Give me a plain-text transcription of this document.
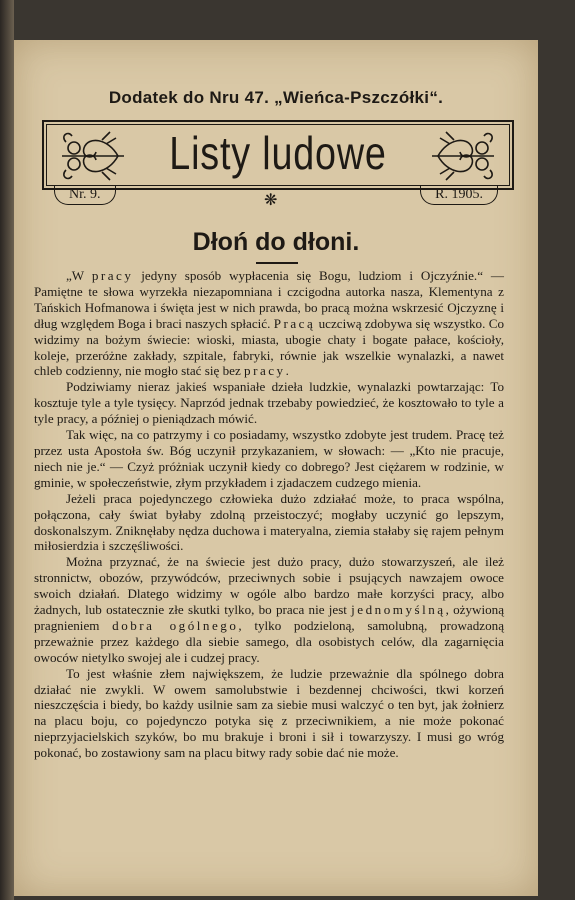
Dodatek do Nru 47. „Wieńca-Pszczółki“.
Listy ludowe
Nr. 9.	❋	R. 1905.
Dłoń do dłoni.

„W pracy jedyny sposób wypłacenia się Bogu, ludziom i Ojczyźnie.“ — Pamiętne te słowa wyrzekła niezapomniana i czcigodna autorka nasza, Klementyna z Tańskich Hofmanowa i święta jest w nich prawda, bo pracą można wskrzesić Ojczyznę i dług względem Boga i braci naszych spłacić. Pracą uczciwą zdobywa się wszystko. Co widzimy na bożym świecie: wioski, miasta, ubogie chaty i bogate pałace, kościoły, koleje, przeróżne zakłady, szpitale, fabryki, równie jak wszelkie wynalazki, a nawet chleb codzienny, nie mogło stać się bez pracy.

Podziwiamy nieraz jakieś wspaniałe dzieła ludzkie, wynalazki powtarzając: To kosztuje tyle a tyle tysięcy. Naprzód jednak trzebaby powiedzieć, że kosztowało to tyle a tyle pracy, a później o pieniądzach mówić.

Tak więc, na co patrzymy i co posiadamy, wszystko zdobyte jest trudem. Pracę też przez usta Apostoła św. Bóg uczynił przykazaniem, w słowach: — „Kto nie pracuje, niech nie je.“ — Czyż próżniak uczynił kiedy co dobrego? Jest ciężarem w rodzinie, w gminie, w społeczeństwie, złym przykładem i zjadaczem cudzego mienia.

Jeżeli praca pojedynczego człowieka dużo zdziałać może, to praca wspólna, połączona, cały świat byłaby zdolną przeistoczyć; mogłaby uczynić go lepszym, doskonalszym. Zniknęłaby nędza duchowa i materyalna, ziemia stałaby się rajem pełnym miłosierdzia i szczęśliwości.

Można przyznać, że na świecie jest dużo pracy, dużo stowarzyszeń, ale ileż stronnictw, obozów, przywódców, przeciwnych sobie i psujących nawzajem owoce swoich działań. Dlatego widzimy w ogóle albo bardzo małe korzyści pracy, albo żadnych, lub ostatecznie złe skutki tylko, bo praca nie jest jednomyślną, ożywioną pragnieniem dobra ogólnego, tylko podzieloną, samolubną, prowadzoną przeważnie przez każdego dla siebie samego, dla osobistych celów, dla zagarnięcia owoców nietylko swojej ale i cudzej pracy.

To jest właśnie złem największem, że ludzie przeważnie dla spólnego dobra działać nie zwykli. W owem samolubstwie i bezdennej chciwości, tkwi korzeń nieszczęścia i biedy, bo każdy usilnie sam za siebie musi walczyć o ten byt, jak żołnierz na placu boju, co pojedynczo potyka się z przeciwnikiem, a nie może pokonać nieprzyjacielskich szyków, bo mu brakuje i broni i sił i towarzyszy. I musi go wróg pokonać, bo zostawiony sam na placu bitwy rady sobie dać nie może.
